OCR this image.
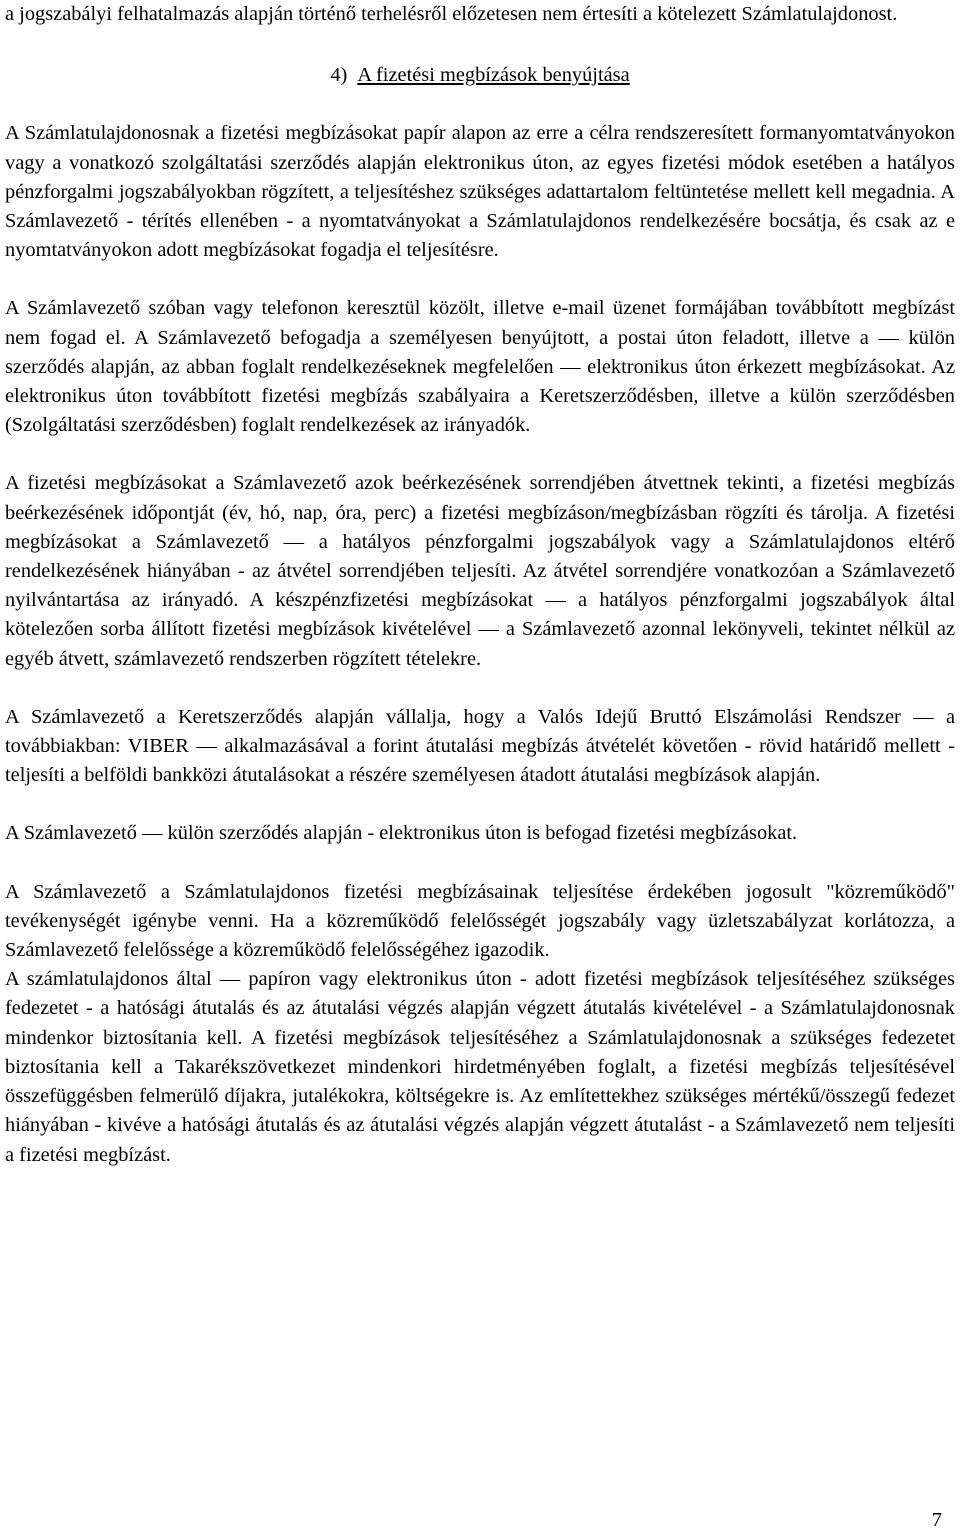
a jogszabályi felhatalmazás alapján történő terhelésről előzetesen nem értesíti a kötelezett Számlatulajdonost.

4) A fizetési megbízások benyújtása

A Számlatulajdonosnak a fizetési megbízásokat papír alapon az erre a célra rendszeresített formanyomtatványokon vagy a vonatkozó szolgáltatási szerződés alapján elektronikus úton, az egyes fizetési módok esetében a hatályos pénzforgalmi jogszabályokban rögzített, a teljesítéshez szükséges adattartalom feltüntetése mellett kell megadnia. A Számlavezető - térítés ellenében - a nyomtatványokat a Számlatulajdonos rendelkezésére bocsátja, és csak az e nyomtatványokon adott megbízásokat fogadja el teljesítésre.

A Számlavezető szóban vagy telefonon keresztül közölt, illetve e-mail üzenet formájában továbbított megbízást nem fogad el. A Számlavezető befogadja a személyesen benyújtott, a postai úton feladott, illetve a — külön szerződés alapján, az abban foglalt rendelkezéseknek megfelelően — elektronikus úton érkezett megbízásokat. Az elektronikus úton továbbított fizetési megbízás szabályaira a Keretszerződésben, illetve a külön szerződésben (Szolgáltatási szerződésben) foglalt rendelkezések az irányadók.

A fizetési megbízásokat a Számlavezető azok beérkezésének sorrendjében átvettnek tekinti, a fizetési megbízás beérkezésének időpontját (év, hó, nap, óra, perc) a fizetési megbízáson/megbízásban rögzíti és tárolja. A fizetési megbízásokat a Számlavezető — a hatályos pénzforgalmi jogszabályok vagy a Számlatulajdonos eltérő rendelkezésének hiányában - az átvétel sorrendjében teljesíti. Az átvétel sorrendjére vonatkozóan a Számlavezető nyilvántartása az irányadó. A készpénzfizetési megbízásokat — a hatályos pénzforgalmi jogszabályok által kötelezően sorba állított fizetési megbízások kivételével — a Számlavezető azonnal lekönyveli, tekintet nélkül az egyéb átvett, számlavezető rendszerben rögzített tételekre.

A Számlavezető a Keretszerződés alapján vállalja, hogy a Valós Idejű Bruttó Elszámolási Rendszer — a továbbiakban: VIBER — alkalmazásával a forint átutalási megbízás átvételét követően - rövid határidő mellett - teljesíti a belföldi bankközi átutalásokat a részére személyesen átadott átutalási megbízások alapján.

A Számlavezető — külön szerződés alapján - elektronikus úton is befogad fizetési megbízásokat.

A Számlavezető a Számlatulajdonos fizetési megbízásainak teljesítése érdekében jogosult "közreműködő" tevékenységét igénybe venni. Ha a közreműködő felelősségét jogszabály vagy üzletszabályzat korlátozza, a Számlavezető felelőssége a közreműködő felelősségéhez igazodik.

A számlatulajdonos által — papíron vagy elektronikus úton - adott fizetési megbízások teljesítéséhez szükséges fedezetet - a hatósági átutalás és az átutalási végzés alapján végzett átutalás kivételével - a Számlatulajdonosnak mindenkor biztosítania kell. A fizetési megbízások teljesítéséhez a Számlatulajdonosnak a szükséges fedezetet biztosítania kell a Takarékszövetkezet mindenkori hirdetményében foglalt, a fizetési megbízás teljesítésével összefüggésben felmerülő díjakra, jutalékokra, költségekre is. Az említettekhez szükséges mértékű/összegű fedezet hiányában - kivéve a hatósági átutalás és az átutalási végzés alapján végzett átutalást - a Számlavezető nem teljesíti a fizetési megbízást.

7
